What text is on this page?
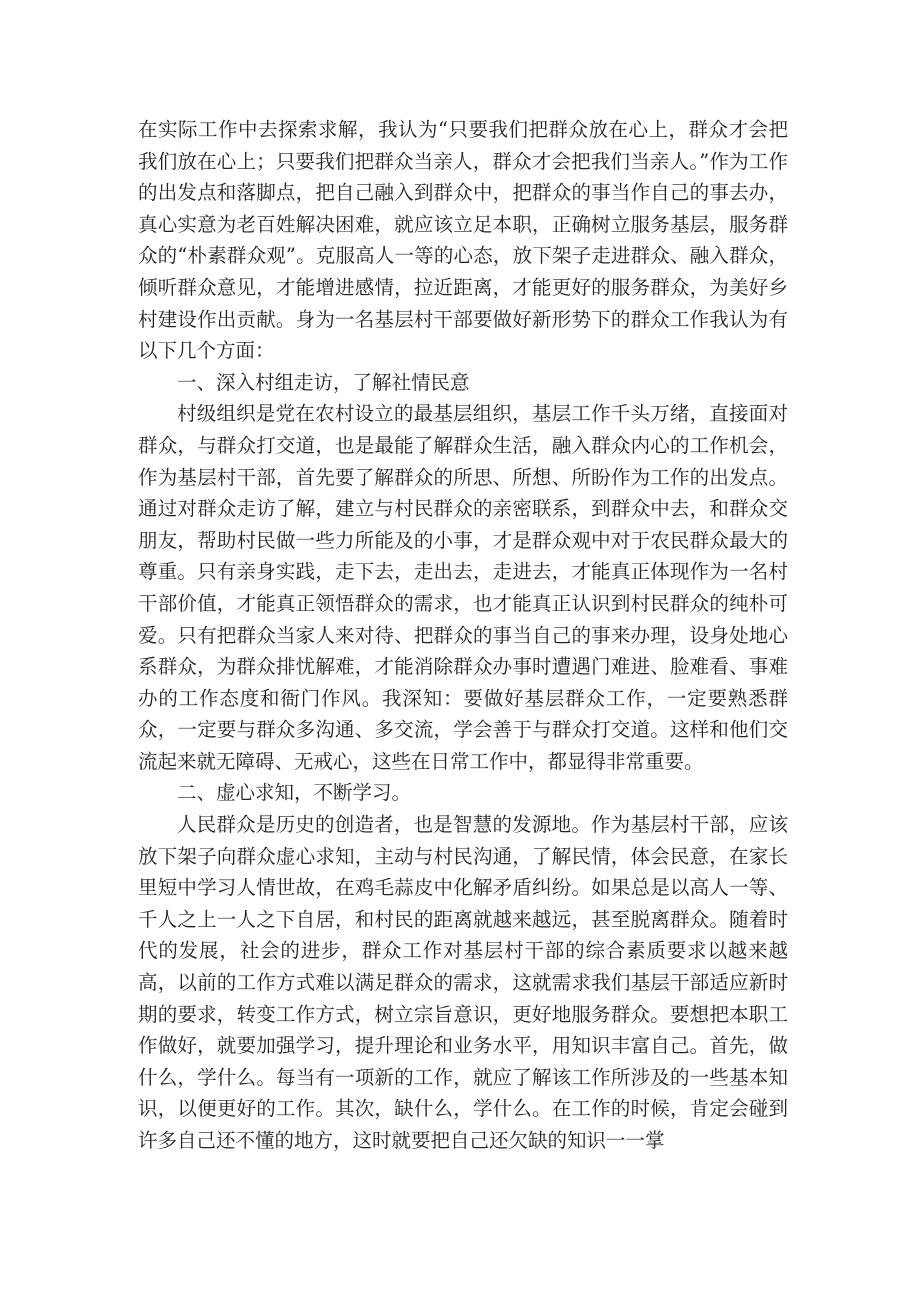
在实际工作中去探索求解，我认为“只要我们把群众放在心上，群众才会把我们放在心上；只要我们把群众当亲人，群众才会把我们当亲人。”作为工作的出发点和落脚点，把自己融入到群众中，把群众的事当作自己的事去办，真心实意为老百姓解决困难，就应该立足本职，正确树立服务基层，服务群众的“朴素群众观”。克服高人一等的心态，放下架子走进群众、融入群众，倾听群众意见，才能增进感情，拉近距离，才能更好的服务群众，为美好乡村建设作出贡献。身为一名基层村干部要做好新形势下的群众工作我认为有以下几个方面：

一、深入村组走访，了解社情民意

村级组织是党在农村设立的最基层组织，基层工作千头万绪，直接面对群众，与群众打交道，也是最能了解群众生活，融入群众内心的工作机会，作为基层村干部，首先要了解群众的所思、所想、所盼作为工作的出发点。通过对群众走访了解，建立与村民群众的亲密联系，到群众中去，和群众交朋友，帮助村民做一些力所能及的小事，才是群众观中对于农民群众最大的尊重。只有亲身实践，走下去，走出去，走进去，才能真正体现作为一名村干部价值，才能真正领悟群众的需求，也才能真正认识到村民群众的纯朴可爱。只有把群众当家人来对待、把群众的事当自己的事来办理，设身处地心系群众，为群众排忧解难，才能消除群众办事时遭遇门难进、脸难看、事难办的工作态度和衙门作风。我深知：要做好基层群众工作，一定要熟悉群众，一定要与群众多沟通、多交流，学会善于与群众打交道。这样和他们交流起来就无障碍、无戒心，这些在日常工作中，都显得非常重要。

二、虚心求知，不断学习。

人民群众是历史的创造者，也是智慧的发源地。作为基层村干部，应该放下架子向群众虚心求知，主动与村民沟通，了解民情，体会民意，在家长里短中学习人情世故，在鸡毛蒜皮中化解矛盾纠纷。如果总是以高人一等、千人之上一人之下自居，和村民的距离就越来越远，甚至脱离群众。随着时代的发展，社会的进步，群众工作对基层村干部的综合素质要求以越来越高，以前的工作方式难以满足群众的需求，这就需求我们基层干部适应新时期的要求，转变工作方式，树立宗旨意识，更好地服务群众。要想把本职工作做好，就要加强学习，提升理论和业务水平，用知识丰富自己。首先，做什么，学什么。每当有一项新的工作，就应了解该工作所涉及的一些基本知识，以便更好的工作。其次，缺什么，学什么。在工作的时候，肯定会碰到许多自己还不懂的地方，这时就要把自己还欠缺的知识一一掌
